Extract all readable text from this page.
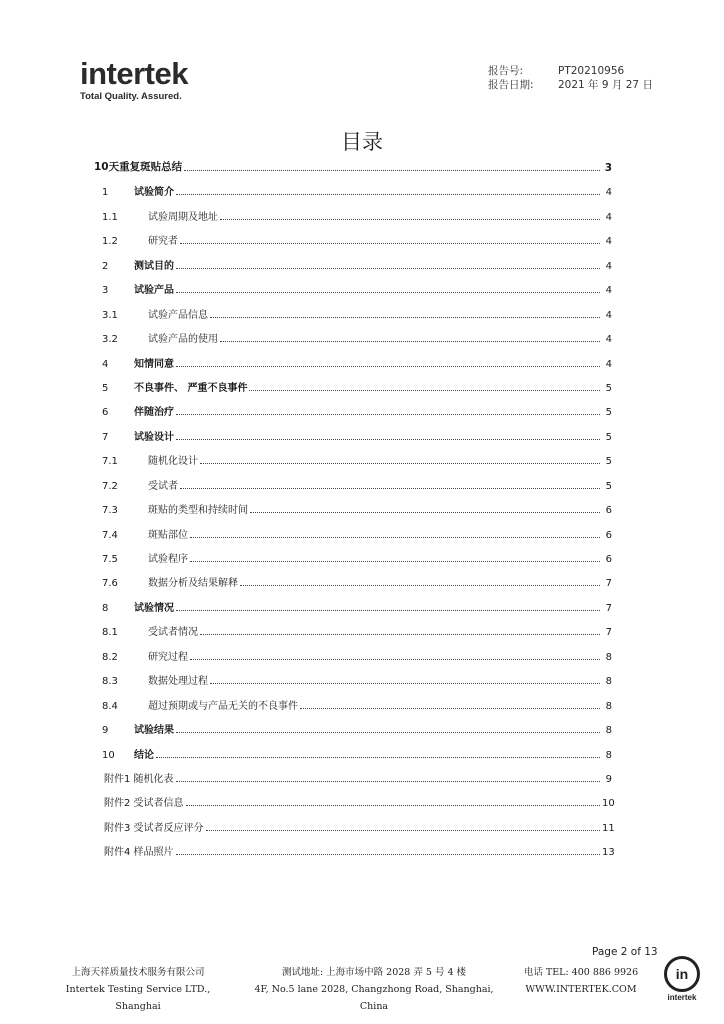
intertek
Total Quality. Assured.
报告号:	PT20210956
报告日期:	2021 年 9 月 27 日
目录
10天重复斑贴总结	3
1	试验简介	4
1.1	试验周期及地址	4
1.2	研究者	4
2	测试目的	4
3	试验产品	4
3.1	试验产品信息	4
3.2	试验产品的使用	4
4	知情同意	4
5	不良事件、 严重不良事件	5
6	伴随治疗	5
7	试验设计	5
7.1	随机化设计	5
7.2	受试者	5
7.3	斑贴的类型和持续时间	6
7.4	斑贴部位	6
7.5	试验程序	6
7.6	数据分析及结果解释	7
8	试验情况	7
8.1	受试者情况	7
8.2	研究过程	8
8.3	数据处理过程	8
8.4	超过预期或与产品无关的不良事件	8
9	试验结果	8
10	结论	8
附件1 随机化表	9
附件2 受试者信息	10
附件3 受试者反应评分	11
附件4 样品照片	13
Page 2 of 13
上海天祥质量技术服务有限公司
Intertek Testing Service LTD., Shanghai
测试地址: 上海市场中路 2028 弄 5 号 4 楼
4F, No.5 lane 2028, Changzhong Road, Shanghai, China
电话 TEL: 400 886 9926
WWW.INTERTEK.COM
in
intertek
